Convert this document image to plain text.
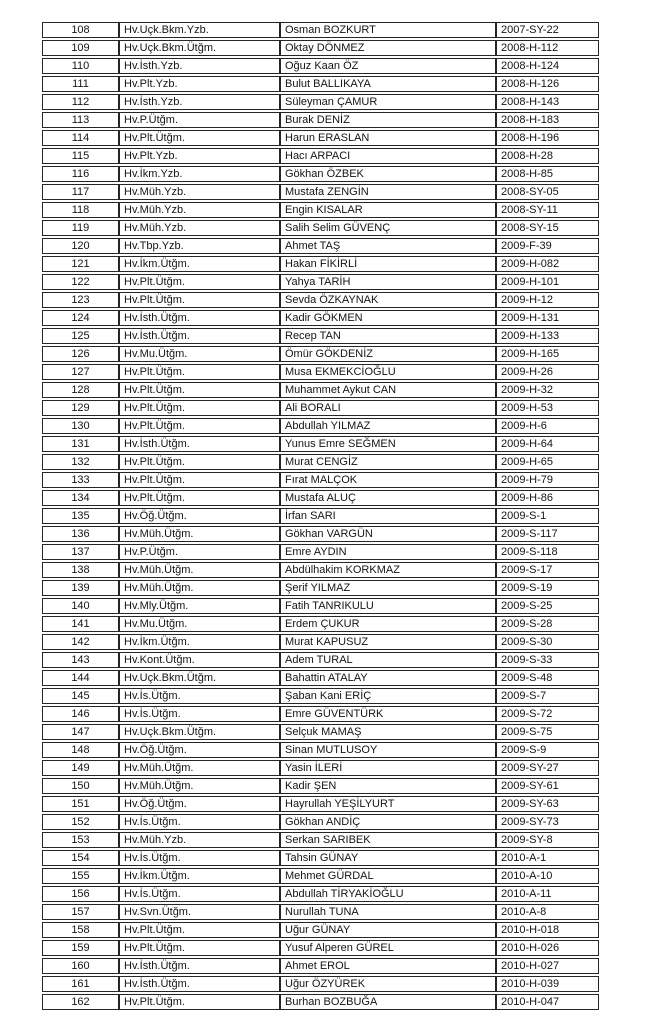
108	Hv.Uçk.Bkm.Yzb.	Osman BOZKURT	2007-SY-22
109	Hv.Uçk.Bkm.Ütğm.	Oktay DÖNMEZ	2008-H-112
110	Hv.İsth.Yzb.	Oğuz Kaan ÖZ	2008-H-124
111	Hv.Plt.Yzb.	Bulut BALLIKAYA	2008-H-126
112	Hv.İsth.Yzb.	Süleyman ÇAMUR	2008-H-143
113	Hv.P.Ütğm.	Burak DENİZ	2008-H-183
114	Hv.Plt.Ütğm.	Harun ERASLAN	2008-H-196
115	Hv.Plt.Yzb.	Hacı ARPACI	2008-H-28
116	Hv.İkm.Yzb.	Gökhan ÖZBEK	2008-H-85
117	Hv.Müh.Yzb.	Mustafa ZENGİN	2008-SY-05
118	Hv.Müh.Yzb.	Engin KISALAR	2008-SY-11
119	Hv.Müh.Yzb.	Salih Selim GÜVENÇ	2008-SY-15
120	Hv.Tbp.Yzb.	Ahmet TAŞ	2009-F-39
121	Hv.İkm.Ütğm.	Hakan FİKİRLİ	2009-H-082
122	Hv.Plt.Ütğm.	Yahya TARİH	2009-H-101
123	Hv.Plt.Ütğm.	Sevda ÖZKAYNAK	2009-H-12
124	Hv.İsth.Ütğm.	Kadir GÖKMEN	2009-H-131
125	Hv.İsth.Ütğm.	Recep TAN	2009-H-133
126	Hv.Mu.Ütğm.	Ömür GÖKDENİZ	2009-H-165
127	Hv.Plt.Ütğm.	Musa EKMEKCİOĞLU	2009-H-26
128	Hv.Plt.Ütğm.	Muhammet Aykut CAN	2009-H-32
129	Hv.Plt.Ütğm.	Ali BORALI	2009-H-53
130	Hv.Plt.Ütğm.	Abdullah YILMAZ	2009-H-6
131	Hv.İsth.Ütğm.	Yunus Emre SEĞMEN	2009-H-64
132	Hv.Plt.Ütğm.	Murat CENGİZ	2009-H-65
133	Hv.Plt.Ütğm.	Fırat MALÇOK	2009-H-79
134	Hv.Plt.Ütğm.	Mustafa ALUÇ	2009-H-86
135	Hv.Öğ.Ütğm.	İrfan SARI	2009-S-1
136	Hv.Müh.Ütğm.	Gökhan VARGÜN	2009-S-117
137	Hv.P.Ütğm.	Emre AYDIN	2009-S-118
138	Hv.Müh.Ütğm.	Abdülhakim KORKMAZ	2009-S-17
139	Hv.Müh.Ütğm.	Şerif YILMAZ	2009-S-19
140	Hv.Mly.Ütğm.	Fatih TANRIKULU	2009-S-25
141	Hv.Mu.Ütğm.	Erdem ÇUKUR	2009-S-28
142	Hv.İkm.Ütğm.	Murat KAPUSUZ	2009-S-30
143	Hv.Kont.Ütğm.	Adem TURAL	2009-S-33
144	Hv.Uçk.Bkm.Ütğm.	Bahattin ATALAY	2009-S-48
145	Hv.İs.Ütğm.	Şaban Kani ERİÇ	2009-S-7
146	Hv.İs.Ütğm.	Emre GÜVENTÜRK	2009-S-72
147	Hv.Uçk.Bkm.Ütğm.	Selçuk MAMAŞ	2009-S-75
148	Hv.Öğ.Ütğm.	Sinan MUTLUSOY	2009-S-9
149	Hv.Müh.Ütğm.	Yasin İLERİ	2009-SY-27
150	Hv.Müh.Ütğm.	Kadir ŞEN	2009-SY-61
151	Hv.Öğ.Ütğm.	Hayrullah YEŞİLYURT	2009-SY-63
152	Hv.İs.Ütğm.	Gökhan ANDİÇ	2009-SY-73
153	Hv.Müh.Yzb.	Serkan SARIBEK	2009-SY-8
154	Hv.İs.Ütğm.	Tahsin GÜNAY	2010-A-1
155	Hv.İkm.Ütğm.	Mehmet GÜRDAL	2010-A-10
156	Hv.İs.Ütğm.	Abdullah TİRYAKİOĞLU	2010-A-11
157	Hv.Svn.Ütğm.	Nurullah TUNA	2010-A-8
158	Hv.Plt.Ütğm.	Uğur GÜNAY	2010-H-018
159	Hv.Plt.Ütğm.	Yusuf Alperen GÜREL	2010-H-026
160	Hv.İsth.Ütğm.	Ahmet EROL	2010-H-027
161	Hv.İsth.Ütğm.	Uğur ÖZYÜREK	2010-H-039
162	Hv.Plt.Ütğm.	Burhan BOZBUĞA	2010-H-047
